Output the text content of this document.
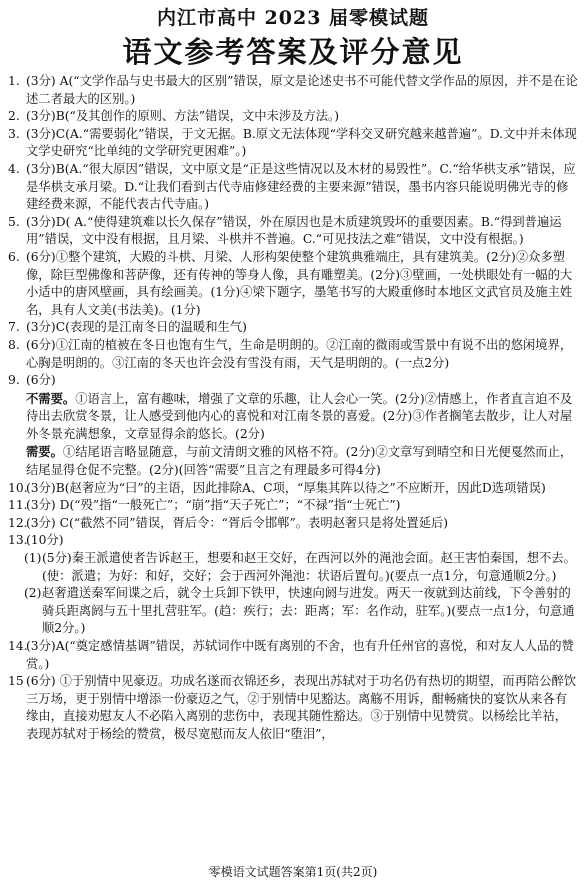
内江市高中 2023 届零模试题
语文参考答案及评分意见

1. (3分) A(“文学作品与史书最大的区别”错误，原文是论述史书不可能代替文学作品的原因，并不是在论述二者最大的区别。)

2. (3分)B(“及其创作的原则、方法”错误，文中未涉及方法。)

3. (3分)C(A.“需要弱化”错误，于文无据。B.原文无法体现“学科交叉研究越来越普遍”。D.文中并未体现文学史研究“比单纯的文学研究更困难”。)

4. (3分)B(A.“很大原因”错误，文中原文是“正是这些情况以及木材的易毁性”。C.“给华栱支承”错误，应是华栱支承月梁。D.“让我们看到古代寺庙修建经费的主要来源”错误，墨书内容只能说明佛光寺的修建经费来源，不能代表古代寺庙。)

5. (3分)D( A.“使得建筑难以长久保存”错误，外在原因也是木质建筑毁坏的重要因素。B.“得到普遍运用”错误，文中没有根据，且月梁、斗栱并不普遍。C.“可见技法之难”错误，文中没有根据。)

6. (6分)①整个建筑，大殿的斗栱、月梁、人形构架使整个建筑典雅端庄，具有建筑美。(2分)②众多塑像，除巨型佛像和菩萨像，还有传神的等身人像，具有雕塑美。(2分)③壁画，一处栱眼处有一幅的大小适中的唐风壁画，具有绘画美。(1分)④梁下题字，墨笔书写的大殿重修时本地区文武官员及施主姓名，具有人文美(书法美)。(1分)

7. (3分)C(表现的是江南冬日的温暖和生气)

8. (6分)①江南的植被在冬日也饱有生气，生命是明朗的。②江南的微雨或雪景中有说不出的悠闲境界，心胸是明朗的。③江南的冬天也许会没有雪没有雨，天气是明朗的。(一点2分)

9. (6分)

不需要。①语言上，富有趣味，增强了文章的乐趣，让人会心一笑。(2分)②情感上，作者直言迫不及待出去欣赏冬景，让人感受到他内心的喜悦和对江南冬景的喜爱。(2分)③作者搁笔去散步，让人对屋外冬景充满想象，文章显得余韵悠长。(2分)

需要。①结尾语言略显随意，与前文清朗文雅的风格不符。(2分)②文章写到晴空和日光便戛然而止，结尾显得仓促不完整。(2分)(回答“需要”且言之有理最多可得4分)

10.
(3分)B(赵奢应为“曰”的主语，因此排除A、C项，“厚集其阵以待之”不应断开，因此D选项错误)

11.
(3分) D(“殁”指“一般死亡”；“崩”指“天子死亡”；“不禄”指“士死亡”)

12.
(3分) C(“截然不同”错误，胥后令：“胥后令邯郸”。表明赵奢只是将处置延后)

13.
(10分)

(1) (5分)秦王派遣使者告诉赵王，想要和赵王交好，在西河以外的渑池会面。赵王害怕秦国，想不去。(使：派遣；为好：和好，交好；会于西河外渑池：状语后置句。)(要点一点1分，句意通顺2分。)

(2) 赵奢遣送秦军间谍之后，就令士兵卸下铁甲，快速向阏与进发。两天一夜就到达前线，下令善射的骑兵距离阏与五十里扎营驻军。(趋：疾行；去：距离；军：名作动，驻军。)(要点一点1分，句意通顺2分。)

14.
(3分)A(“奠定感情基调”错误，苏轼词作中既有离别的不舍，也有升任州官的喜悦，和对友人人品的赞赏。)

15 (6分) ①于别情中见豪迈。功成名遂而衣锦还乡，表现出苏轼对于功名仍有热切的期望，而再陪公醉饮三万场，更于别情中增添一份豪迈之气，②于别情中见豁达。离觞不用诉，酣畅痛快的宴饮从来各有缘由，直接劝慰友人不必陷入离别的悲伤中，表现其随性豁达。③于别情中见赞赏。以杨绘比羊祜，表现苏轼对于杨绘的赞赏，极尽宽慰而友人依旧“堕泪”，

零模语文试题答案第1页(共2页)
